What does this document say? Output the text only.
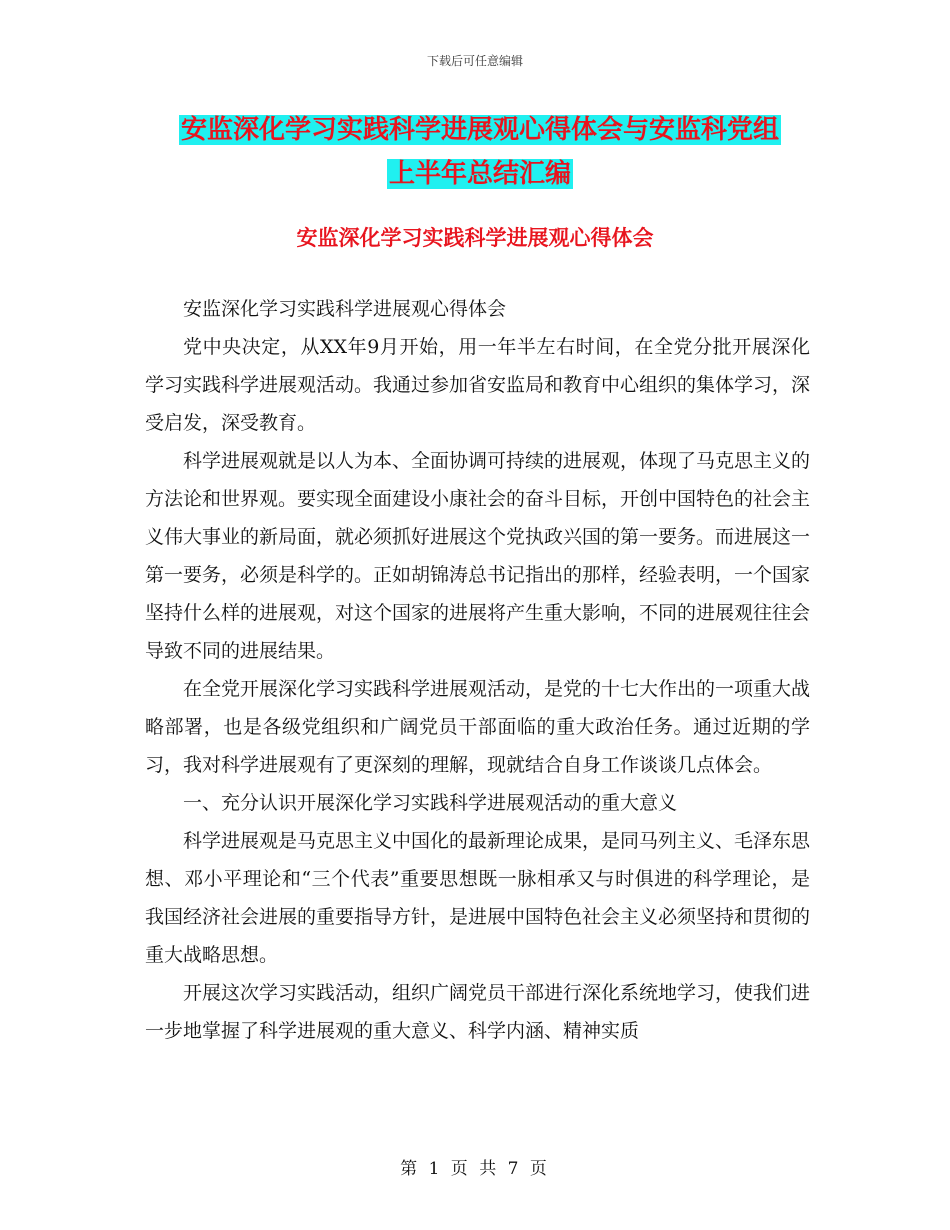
下载后可任意编辑
安监深化学习实践科学进展观心得体会与安监科党组
上半年总结汇编
安监深化学习实践科学进展观心得体会

安监深化学习实践科学进展观心得体会

党中央决定，从XX年9月开始，用一年半左右时间，在全党分批开展深化学习实践科学进展观活动。我通过参加省安监局和教育中心组织的集体学习，深受启发，深受教育。

科学进展观就是以人为本、全面协调可持续的进展观，体现了马克思主义的方法论和世界观。要实现全面建设小康社会的奋斗目标，开创中国特色的社会主义伟大事业的新局面，就必须抓好进展这个党执政兴国的第一要务。而进展这一第一要务，必须是科学的。正如胡锦涛总书记指出的那样，经验表明，一个国家坚持什么样的进展观，对这个国家的进展将产生重大影响，不同的进展观往往会导致不同的进展结果。

在全党开展深化学习实践科学进展观活动，是党的十七大作出的一项重大战略部署，也是各级党组织和广阔党员干部面临的重大政治任务。通过近期的学习，我对科学进展观有了更深刻的理解，现就结合自身工作谈谈几点体会。

一、充分认识开展深化学习实践科学进展观活动的重大意义

科学进展观是马克思主义中国化的最新理论成果，是同马列主义、毛泽东思想、邓小平理论和“三个代表”重要思想既一脉相承又与时俱进的科学理论，是我国经济社会进展的重要指导方针，是进展中国特色社会主义必须坚持和贯彻的重大战略思想。

开展这次学习实践活动，组织广阔党员干部进行深化系统地学习，使我们进一步地掌握了科学进展观的重大意义、科学内涵、精神实质

第 1 页 共 7 页
